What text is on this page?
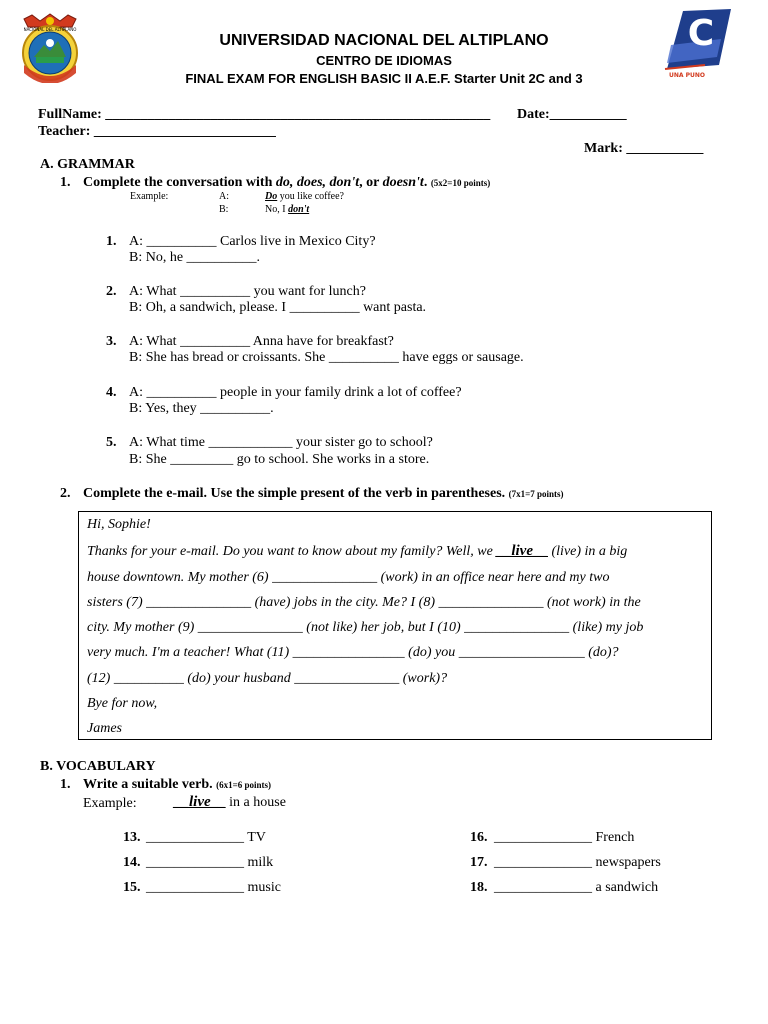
NACIONAL DEL ALTIPLANO	C
UNA PUNO
UNIVERSIDAD NACIONAL DEL ALTIPLANO
CENTRO DE IDIOMAS
FINAL EXAM FOR ENGLISH BASIC II A.E.F. Starter Unit 2C and 3
FullName: _______________________________________________________ Date:___________
Teacher: __________________________
Mark: ___________
A. GRAMMAR
1. Complete the conversation with do, does, don't, or doesn't. (5x2=10 points)
Example:	A:	Do you like coffee?
B:	No, I don't
1. A: __________ Carlos live in Mexico City?
B: No, he __________.
2. A: What __________ you want for lunch?
B: Oh, a sandwich, please. I __________ want pasta.
3. A: What __________ Anna have for breakfast?
B: She has bread or croissants. She __________ have eggs or sausage.
4. A: __________ people in your family drink a lot of coffee?
B: Yes, they __________.
5. A: What time ____________ your sister go to school?
B: She _________ go to school. She works in a store.
2. Complete the e-mail. Use the simple present of the verb in parentheses. (7x1=7 points)
Hi, Sophie!
Thanks for your e-mail. Do you want to know about my family? Well, we __live__ (live) in a big
house downtown. My mother (6) _______________ (work) in an office near here and my two
sisters (7) _______________ (have) jobs in the city. Me? I (8) _______________ (not work) in the
city. My mother (9) _______________ (not like) her job, but I (10) _______________ (like) my job
very much. I'm a teacher! What (11) ________________ (do) you __________________ (do)?
(12) __________ (do) your husband _______________ (work)?
Bye for now,
James
B. VOCABULARY
1. Write a suitable verb. (6x1=6 points)
Example: __live__ in a house
13. ______________ TV
14. ______________ milk
15. ______________ music
16. ______________ French
17. ______________ newspapers
18. ______________ a sandwich
